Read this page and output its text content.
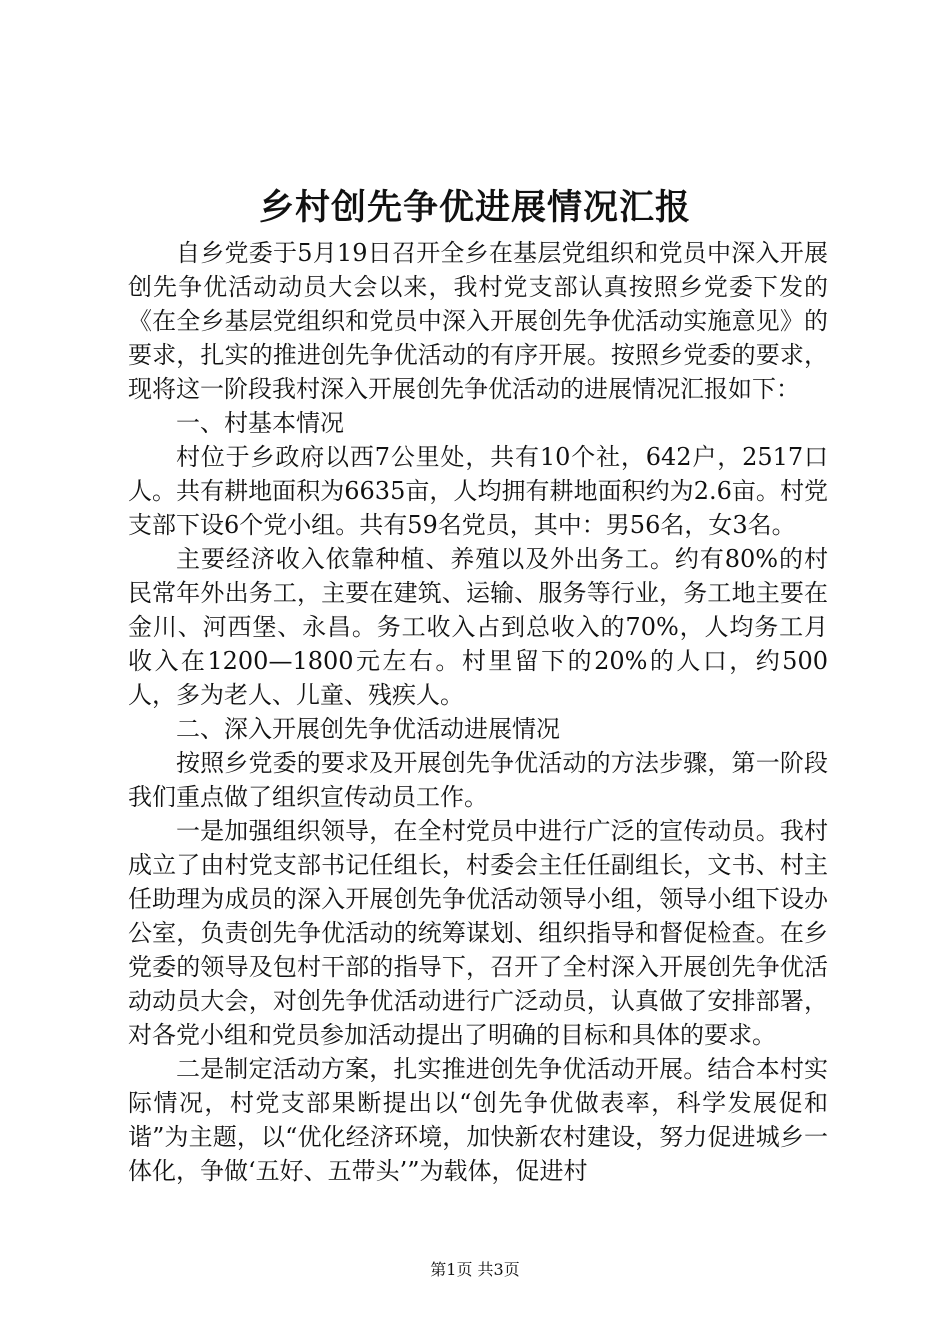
乡村创先争优进展情况汇报

自乡党委于5月19日召开全乡在基层党组织和党员中深入开展创先争优活动动员大会以来，我村党支部认真按照乡党委下发的《在全乡基层党组织和党员中深入开展创先争优活动实施意见》的要求，扎实的推进创先争优活动的有序开展。按照乡党委的要求，现将这一阶段我村深入开展创先争优活动的进展情况汇报如下：

一、村基本情况

村位于乡政府以西7公里处，共有10个社，642户，2517口人。共有耕地面积为6635亩，人均拥有耕地面积约为2.6亩。村党支部下设6个党小组。共有59名党员，其中：男56名，女3名。

主要经济收入依靠种植、养殖以及外出务工。约有80%的村民常年外出务工，主要在建筑、运输、服务等行业，务工地主要在金川、河西堡、永昌。务工收入占到总收入的70%，人均务工月收入在1200—1800元左右。村里留下的20%的人口，约500人，多为老人、儿童、残疾人。

二、深入开展创先争优活动进展情况

按照乡党委的要求及开展创先争优活动的方法步骤，第一阶段我们重点做了组织宣传动员工作。

一是加强组织领导，在全村党员中进行广泛的宣传动员。我村成立了由村党支部书记任组长，村委会主任任副组长，文书、村主任助理为成员的深入开展创先争优活动领导小组，领导小组下设办公室，负责创先争优活动的统筹谋划、组织指导和督促检查。在乡党委的领导及包村干部的指导下，召开了全村深入开展创先争优活动动员大会，对创先争优活动进行广泛动员，认真做了安排部署，对各党小组和党员参加活动提出了明确的目标和具体的要求。

二是制定活动方案，扎实推进创先争优活动开展。结合本村实际情况，村党支部果断提出以“创先争优做表率，科学发展促和谐”为主题，以“优化经济环境，加快新农村建设，努力促进城乡一体化，争做‘五好、五带头’”为载体，促进村

第1页 共3页
